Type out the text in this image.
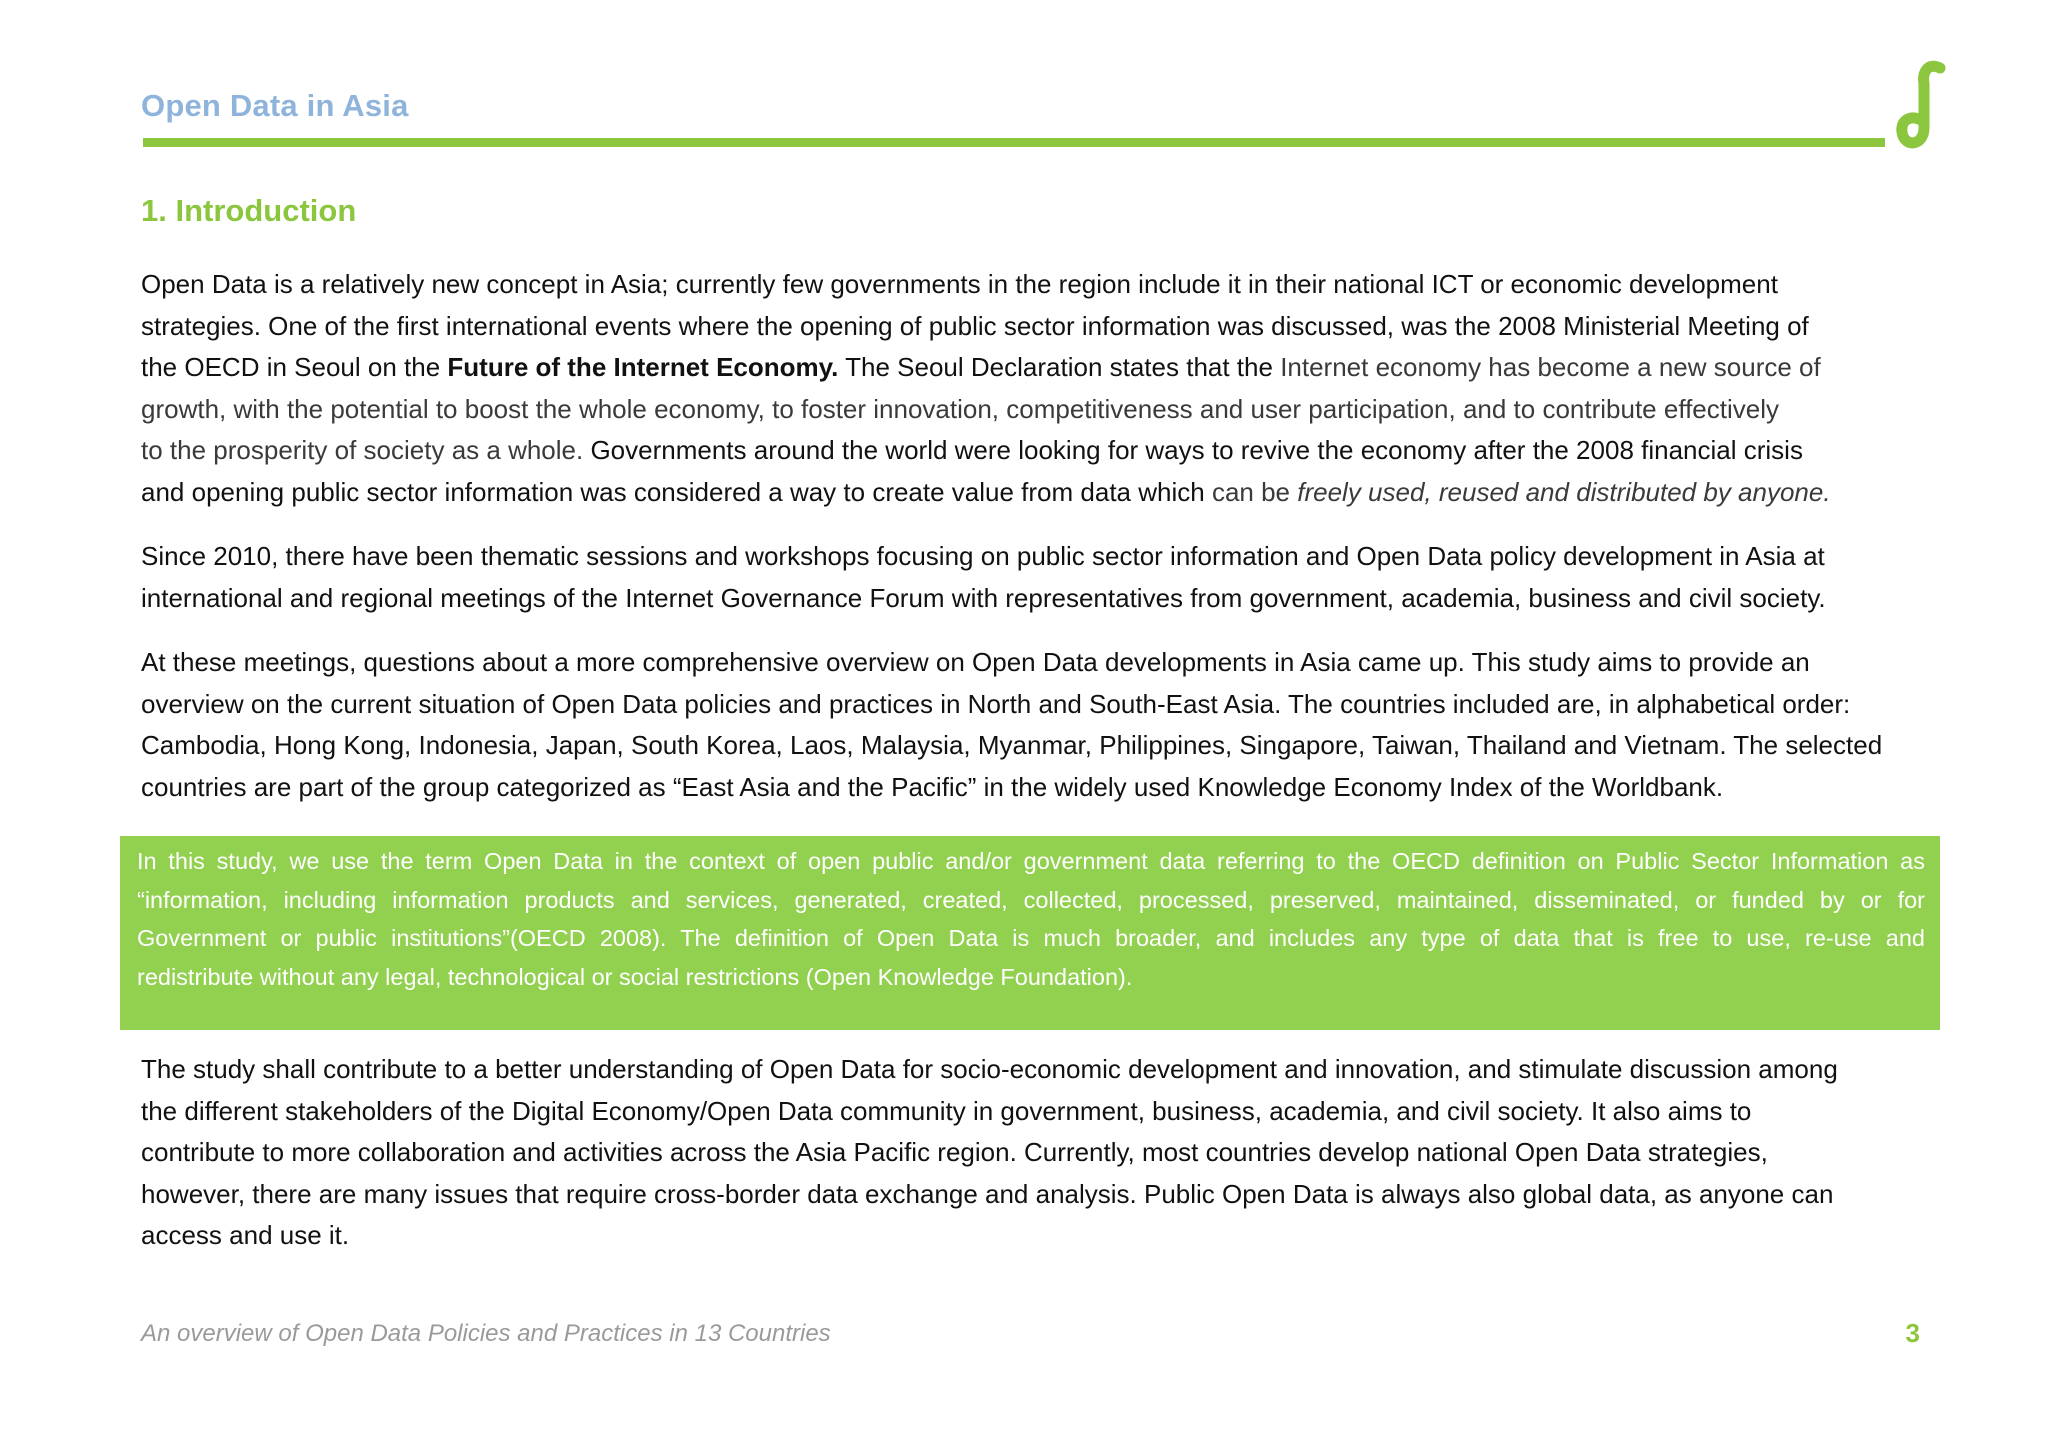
Open Data in Asia
1. Introduction
Open Data is a relatively new concept in Asia; currently few governments in the region include it in their national ICT or economic development
strategies. One of the first international events where the opening of public sector information was discussed, was the 2008 Ministerial Meeting of
the OECD in Seoul on the Future of the Internet Economy. The Seoul Declaration states that the Internet economy has become a new source of
growth, with the potential to boost the whole economy, to foster innovation, competitiveness and user participation, and to contribute effectively
to the prosperity of society as a whole. Governments around the world were looking for ways to revive the economy after the 2008 financial crisis
and opening public sector information was considered a way to create value from data which can be freely used, reused and distributed by anyone.
Since 2010, there have been thematic sessions and workshops focusing on public sector information and Open Data policy development in Asia at
international and regional meetings of the Internet Governance Forum with representatives from government, academia, business and civil society.
At these meetings, questions about a more comprehensive overview on Open Data developments in Asia came up. This study aims to provide an
overview on the current situation of Open Data policies and practices in North and South-East Asia. The countries included are, in alphabetical order:
Cambodia, Hong Kong, Indonesia, Japan, South Korea, Laos, Malaysia, Myanmar, Philippines, Singapore, Taiwan, Thailand and Vietnam. The selected
countries are part of the group categorized as “East Asia and the Pacific” in the widely used Knowledge Economy Index of the Worldbank.
In this study, we use the term Open Data in the context of open public and/or government data referring to the OECD definition on Public Sector Information as
“information, including information products and services, generated, created, collected, processed, preserved, maintained, disseminated, or funded by or for
Government or public institutions”(OECD 2008). The definition of Open Data is much broader, and includes any type of data that is free to use, re-use and
redistribute without any legal, technological or social restrictions (Open Knowledge Foundation).
The study shall contribute to a better understanding of Open Data for socio-economic development and innovation, and stimulate discussion among
the different stakeholders of the Digital Economy/Open Data community in government, business, academia, and civil society. It also aims to
contribute to more collaboration and activities across the Asia Pacific region. Currently, most countries develop national Open Data strategies,
however, there are many issues that require cross-border data exchange and analysis. Public Open Data is always also global data, as anyone can
access and use it.
An overview of Open Data Policies and Practices in 13 Countries	3
